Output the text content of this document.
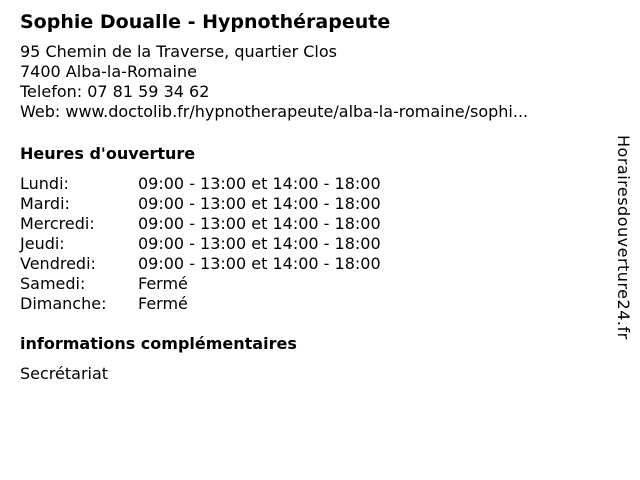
Sophie Doualle - Hypnothérapeute
95 Chemin de la Traverse, quartier Clos
7400 Alba-la-Romaine
Telefon: 07 81 59 34 62
Web: www.doctolib.fr/hypnotherapeute/alba-la-romaine/sophi...
Heures d'ouverture
Lundi:	09:00 - 13:00 et 14:00 - 18:00
Mardi:	09:00 - 13:00 et 14:00 - 18:00
Mercredi:	09:00 - 13:00 et 14:00 - 18:00
Jeudi:	09:00 - 13:00 et 14:00 - 18:00
Vendredi:	09:00 - 13:00 et 14:00 - 18:00
Samedi:	Fermé
Dimanche:	Fermé
informations complémentaires
Secrétariat
Horairesdouverture24.fr
